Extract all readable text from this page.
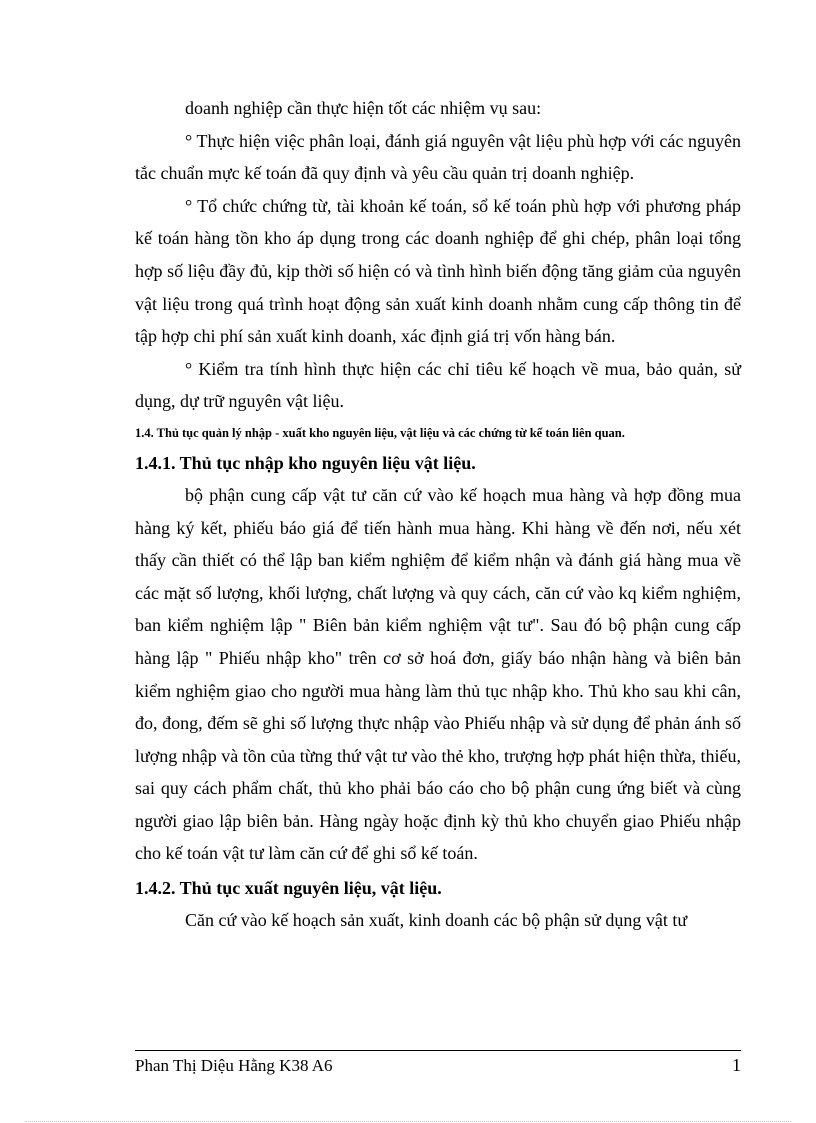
doanh nghiệp cần thực hiện tốt các nhiệm vụ sau:

° Thực hiện việc phân loại, đánh giá nguyên vật liệu phù hợp với các nguyên tắc chuẩn mực kế toán đã quy định và yêu cầu quản trị doanh nghiệp.

° Tổ chức chứng từ, tài khoản kế toán, sổ kế toán phù hợp với phương pháp kế toán hàng tồn kho áp dụng trong các doanh nghiệp để ghi chép, phân loại tổng hợp số liệu đầy đủ, kịp thời số hiện có và tình hình biến động tăng giảm của nguyên vật liệu trong quá trình hoạt động sản xuất kinh doanh nhằm cung cấp thông tin để tập hợp chi phí sản xuất kinh doanh, xác định giá trị vốn hàng bán.

° Kiểm tra tính hình thực hiện các chỉ tiêu kế hoạch về mua, bảo quản, sử dụng, dự trữ nguyên vật liệu.

1.4. Thủ tục quản lý nhập - xuất kho nguyên liệu, vật liệu và các chứng từ kế toán liên quan.
1.4.1. Thủ tục nhập kho nguyên liệu vật liệu.

bộ phận cung cấp vật tư căn cứ vào kế hoạch mua hàng và hợp đồng mua hàng ký kết, phiếu báo giá để tiến hành mua hàng. Khi hàng về đến nơi, nếu xét thấy cần thiết có thể lập ban kiểm nghiệm để kiểm nhận và đánh giá hàng mua về các mặt số lượng, khối lượng, chất lượng và quy cách, căn cứ vào kq kiểm nghiệm, ban kiểm nghiệm lập " Biên bản kiểm nghiệm vật tư". Sau đó bộ phận cung cấp hàng lập " Phiếu nhập kho" trên cơ sở hoá đơn, giấy báo nhận hàng và biên bản kiểm nghiệm giao cho người mua hàng làm thủ tục nhập kho. Thủ kho sau khi cân, đo, đong, đếm sẽ ghi số lượng thực nhập vào Phiếu nhập và sử dụng để phản ánh số lượng nhập và tồn của từng thứ vật tư vào thẻ kho, trượng hợp phát hiện thừa, thiếu, sai quy cách phẩm chất, thủ kho phải báo cáo cho bộ phận cung ứng biết và cùng người giao lập biên bản. Hàng ngày hoặc định kỳ thủ kho chuyển giao Phiếu nhập cho kế toán vật tư làm căn cứ để ghi sổ kế toán.

1.4.2. Thủ tục xuất nguyên liệu, vật liệu.

Căn cứ vào kế hoạch sản xuất, kinh doanh các bộ phận sử dụng vật tư

Phan Thị Diệu Hằng K38 A6	1
